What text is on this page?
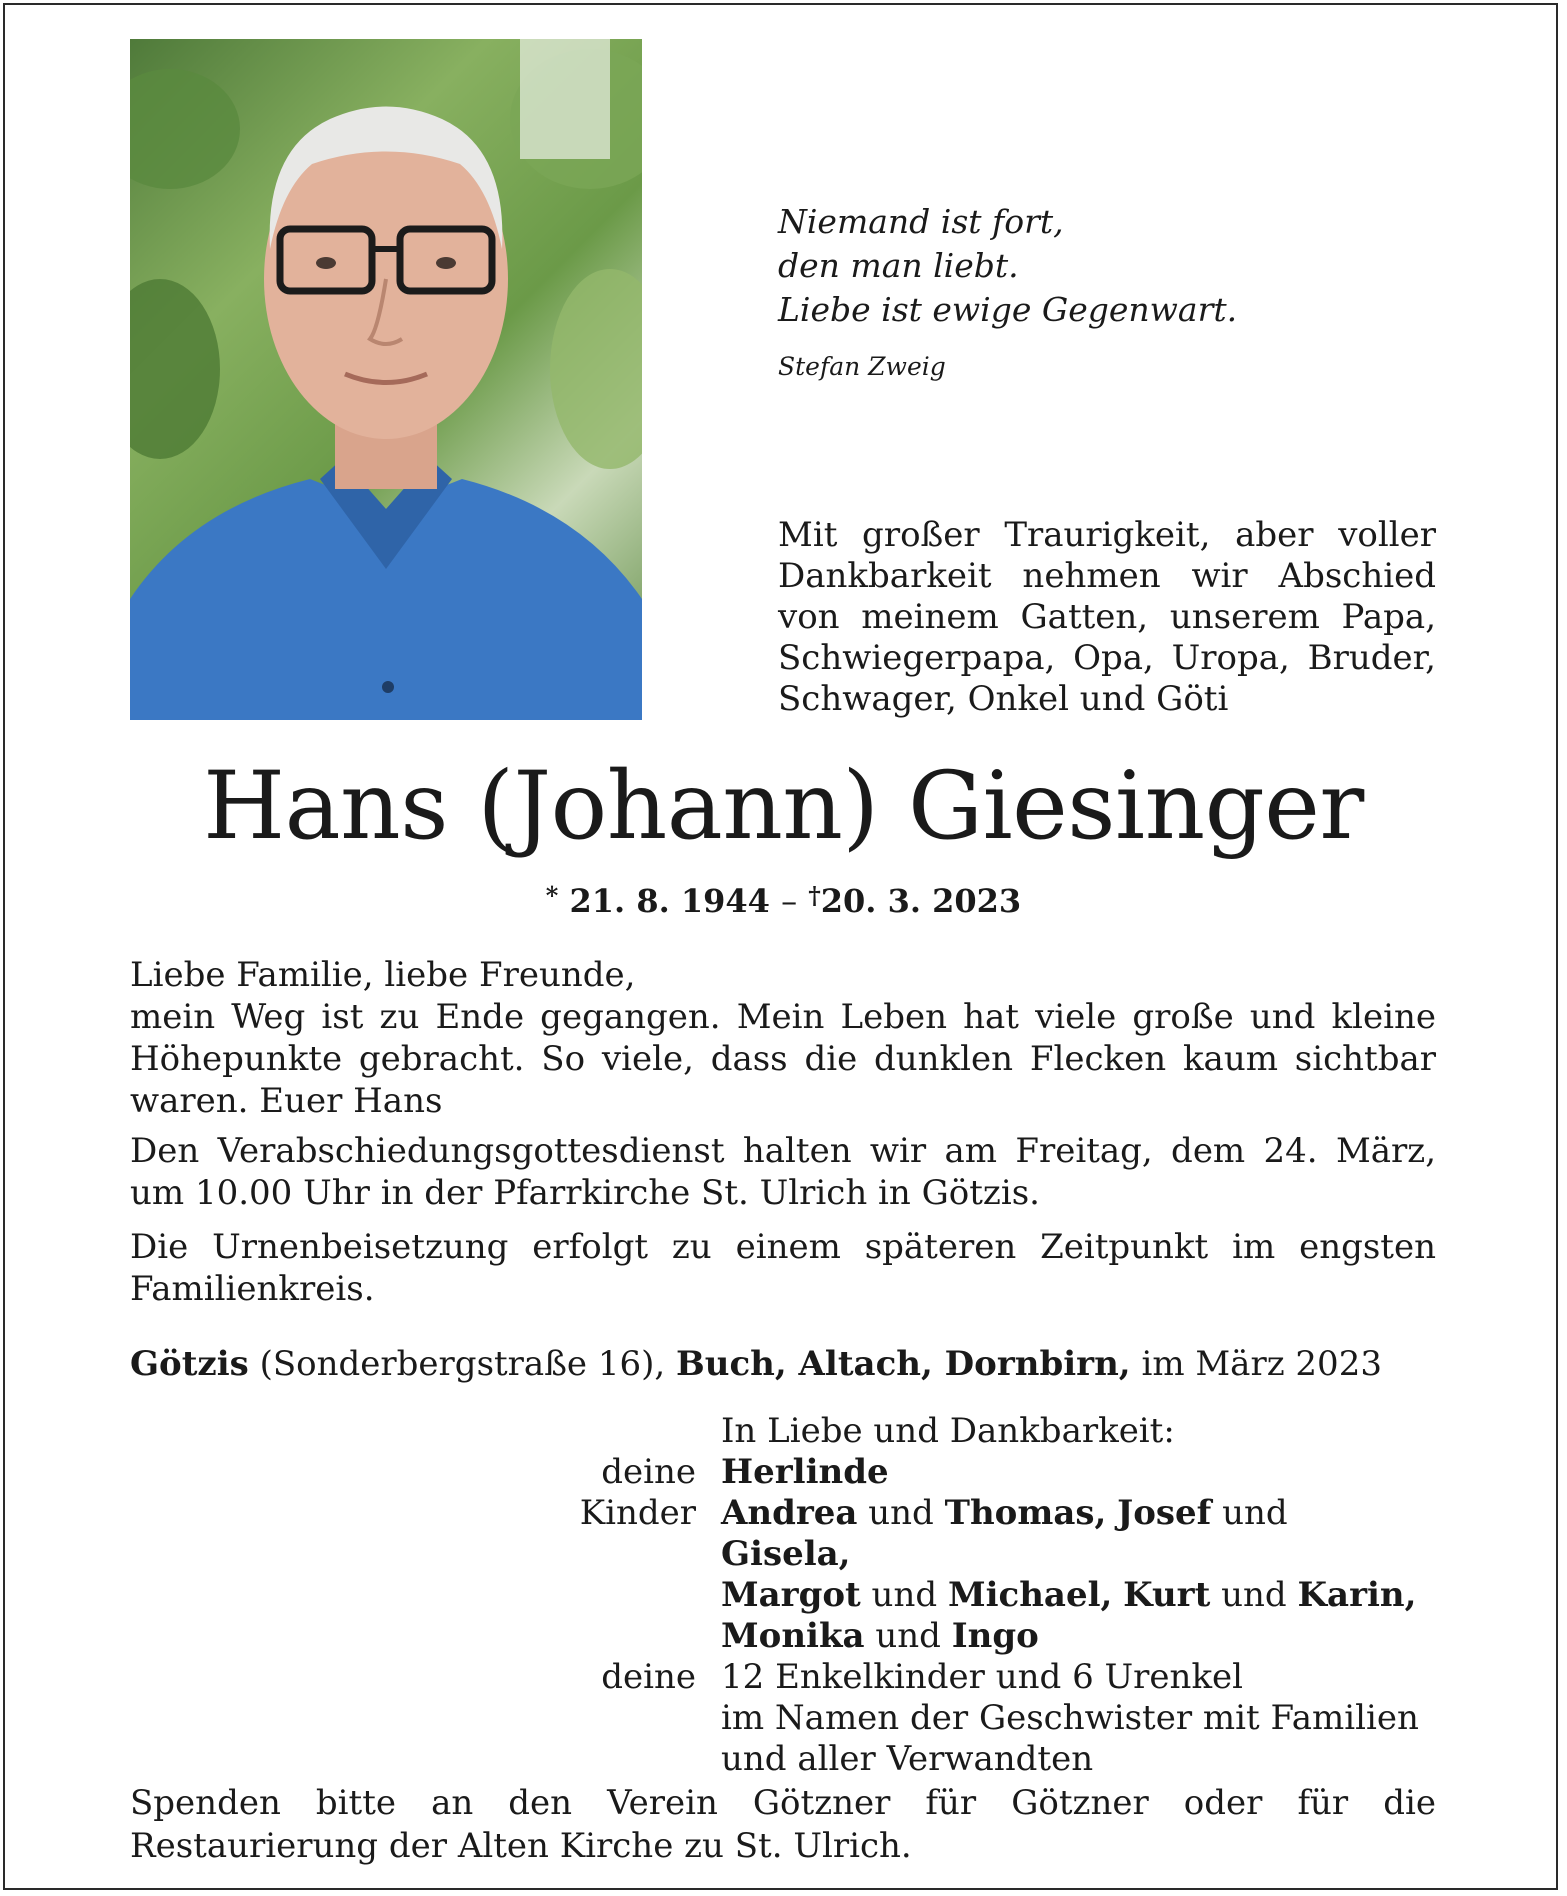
Niemand ist fort,
den man liebt.
Liebe ist ewige Gegenwart.
Stefan Zweig
Mit großer Traurigkeit, aber voller Dankbarkeit nehmen wir Abschied von meinem Gatten, unserem Papa, Schwiegerpapa, Opa, Uropa, Bruder, Schwager, Onkel und Göti
Hans (Johann) Giesinger
* 21. 8. 1944 – †20. 3. 2023
Liebe Familie, liebe Freunde,
mein Weg ist zu Ende gegangen. Mein Leben hat viele große und kleine Höhepunkte gebracht. So viele, dass die dunklen Flecken kaum sichtbar waren. Euer Hans
Den Verabschiedungsgottesdienst halten wir am Freitag, dem 24. März, um 10.00 Uhr in der Pfarrkirche St. Ulrich in Götzis.
Die Urnenbeisetzung erfolgt zu einem späteren Zeitpunkt im engsten Familienkreis.
Götzis (Sonderbergstraße 16), Buch, Altach, Dornbirn, im März 2023
In Liebe und Dankbarkeit:
deine Herlinde
Kinder Andrea und Thomas, Josef und Gisela,
Margot und Michael, Kurt und Karin,
Monika und Ingo
deine 12 Enkelkinder und 6 Urenkel
im Namen der Geschwister mit Familien
und aller Verwandten
Spenden bitte an den Verein Götzner für Götzner oder für die Restaurierung der Alten Kirche zu St. Ulrich.
